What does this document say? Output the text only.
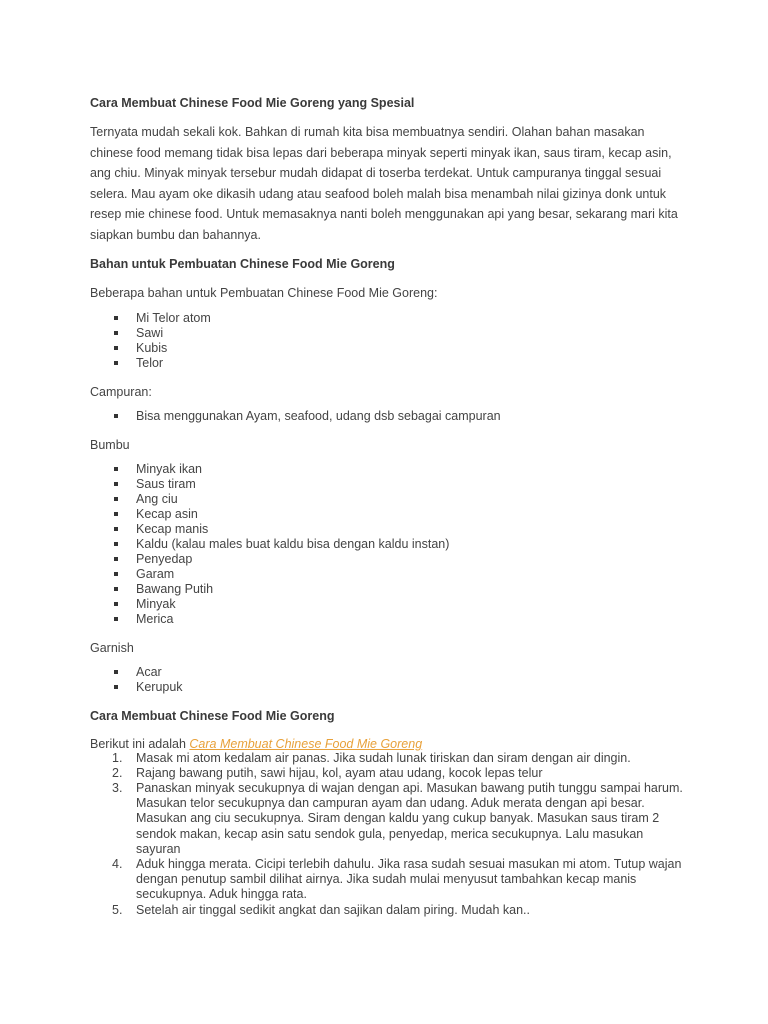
Cara Membuat Chinese Food Mie Goreng yang Spesial

Ternyata mudah sekali kok. Bahkan di rumah kita bisa membuatnya sendiri. Olahan bahan masakan chinese food memang tidak bisa lepas dari beberapa minyak seperti minyak ikan, saus tiram, kecap asin, ang chiu. Minyak minyak tersebur mudah didapat di toserba terdekat. Untuk campuranya tinggal sesuai selera. Mau ayam oke dikasih udang atau seafood boleh malah bisa menambah nilai gizinya donk untuk resep mie chinese food. Untuk memasaknya nanti boleh menggunakan api yang besar, sekarang mari kita siapkan bumbu dan bahannya.

Bahan untuk Pembuatan Chinese Food Mie Goreng

Beberapa bahan untuk Pembuatan Chinese Food Mie Goreng:

Mi Telor atom
Sawi
Kubis
Telor

Campuran:

Bisa menggunakan Ayam, seafood, udang dsb sebagai campuran

Bumbu

Minyak ikan
Saus tiram
Ang ciu
Kecap asin
Kecap manis
Kaldu (kalau males buat kaldu bisa dengan kaldu instan)
Penyedap
Garam
Bawang Putih
Minyak
Merica

Garnish

Acar
Kerupuk

Cara Membuat Chinese Food Mie Goreng

Berikut ini adalah Cara Membuat Chinese Food Mie Goreng

1. Masak mi atom kedalam air panas. Jika sudah lunak tiriskan dan siram dengan air dingin.
2. Rajang bawang putih, sawi hijau, kol, ayam atau udang, kocok lepas telur
3. Panaskan minyak secukupnya di wajan dengan api. Masukan bawang putih tunggu sampai harum. Masukan telor secukupnya dan campuran ayam dan udang. Aduk merata dengan api besar. Masukan ang ciu secukupnya. Siram dengan kaldu yang cukup banyak. Masukan saus tiram 2 sendok makan, kecap asin satu sendok gula, penyedap, merica secukupnya. Lalu masukan sayuran
4. Aduk hingga merata. Cicipi terlebih dahulu. Jika rasa sudah sesuai masukan mi atom. Tutup wajan dengan penutup sambil dilihat airnya. Jika sudah mulai menyusut tambahkan kecap manis secukupnya. Aduk hingga rata.
5. Setelah air tinggal sedikit angkat dan sajikan dalam piring. Mudah kan..
